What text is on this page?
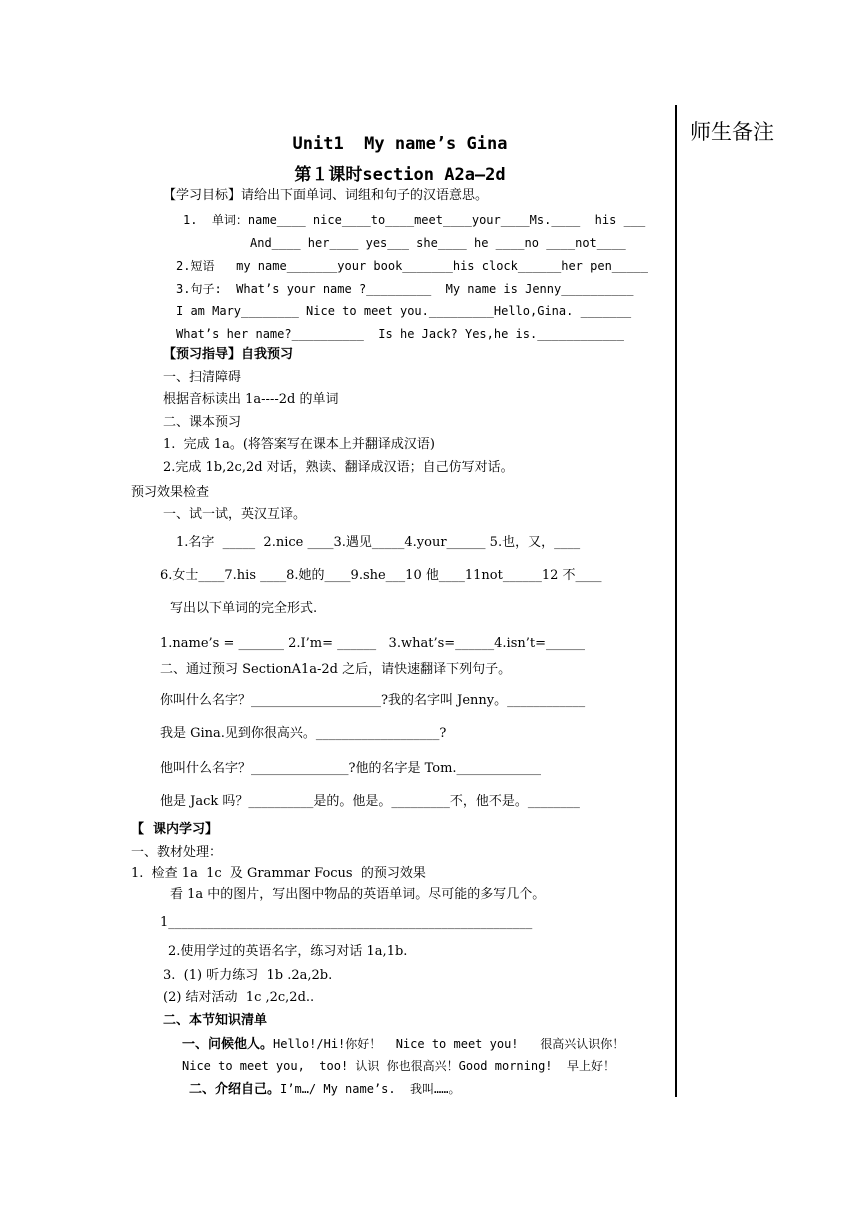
师生备注
Unit1  My name’s Gina
第１课时section A2a—2d
【学习目标】请给出下面单词、词组和句子的汉语意思。
1.  单词：name____ nice____to____meet____your____Ms.____  his ___
And____ her____ yes___ she____ he ____no ____not____
2.短语   my name_______your book_______his clock______her pen_____
3.句子:  What’s your name ?_________  My name is Jenny__________
I am Mary________ Nice to meet you._________Hello,Gina. _______
What’s her name?__________  Is he Jack? Yes,he is.____________
【预习指导】自我预习
一、扫清障碍
根据音标读出 1a----2d 的单词
二、课本预习
1.  完成 1a。(将答案写在课本上并翻译成汉语)
2.完成 1b,2c,2d 对话，熟读、翻译成汉语；自己仿写对话。
预习效果检查
一、试一试，英汉互译。
1.名字  _____  2.nice ____3.遇见_____4.your______ 5.也，又，____
6.女士____7.his ____8.她的____9.she___10 他____11not______12 不____
写出以下单词的完全形式.
1.name’s = _______ 2.I’m= ______   3.what’s=______4.isn’t=______
二、通过预习 SectionA1a-2d 之后，请快速翻译下列句子。
你叫什么名字？____________________?我的名字叫 Jenny。____________
我是 Gina.见到你很高兴。___________________?
他叫什么名字？_______________?他的名字是 Tom._____________
他是 Jack 吗？__________是的。他是。_________不，他不是。________
【  课内学习】
一、教材处理：
1.  检查 1a  1c  及 Grammar Focus  的预习效果
看 1a 中的图片，写出图中物品的英语单词。尽可能的多写几个。
1________________________________________________________
2.使用学过的英语名字，练习对话 1a,1b.
3.  (1) 听力练习  1b .2a,2b.
(2) 结对活动  1c ,2c,2d..
二、本节知识清单
一、问候他人。Hello!/Hi!你好！  Nice to meet you!   很高兴认识你！
Nice to meet you,  too! 认识 你也很高兴！Good morning!  早上好！
二、介绍自己。I’m…/ My name’s.  我叫……。
